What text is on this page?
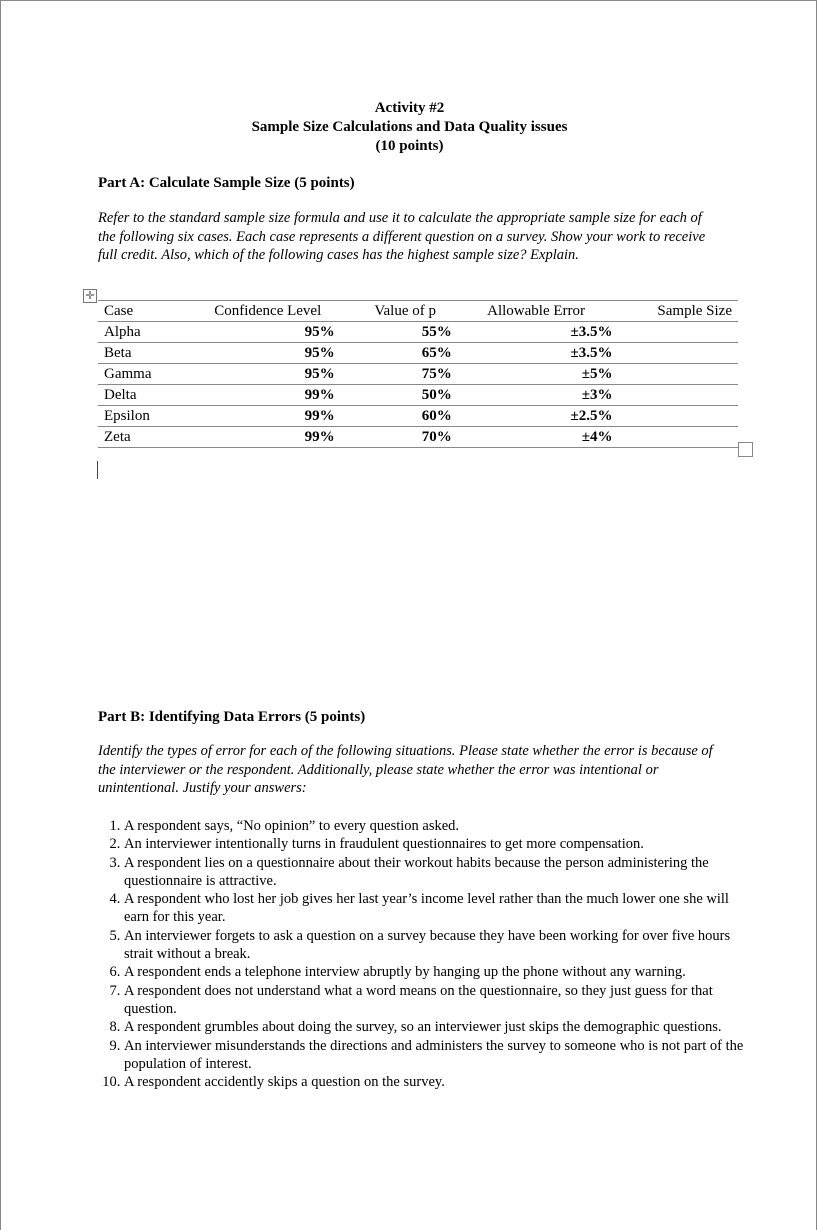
Activity #2
Sample Size Calculations and Data Quality issues
(10 points)
Part A: Calculate Sample Size (5 points)
Refer to the standard sample size formula and use it to calculate the appropriate sample size for each of the following six cases. Each case represents a different question on a survey. Show your work to receive full credit. Also, which of the following cases has the highest sample size? Explain.
✛
Case	Confidence Level	Value of p	Allowable Error	Sample Size
Alpha	95%	55%	±3.5%	
Beta	95%	65%	±3.5%	
Gamma	95%	75%	±5%	
Delta	99%	50%	±3%	
Epsilon	99%	60%	±2.5%	
Zeta	99%	70%	±4%	
Part B: Identifying Data Errors (5 points)
Identify the types of error for each of the following situations. Please state whether the error is because of the interviewer or the respondent. Additionally, please state whether the error was intentional or unintentional. Justify your answers:
1. A respondent says, “No opinion” to every question asked.
2. An interviewer intentionally turns in fraudulent questionnaires to get more compensation.
3. A respondent lies on a questionnaire about their workout habits because the person administering the questionnaire is attractive.
4. A respondent who lost her job gives her last year’s income level rather than the much lower one she will earn for this year.
5. An interviewer forgets to ask a question on a survey because they have been working for over five hours strait without a break.
6. A respondent ends a telephone interview abruptly by hanging up the phone without any warning.
7. A respondent does not understand what a word means on the questionnaire, so they just guess for that question.
8. A respondent grumbles about doing the survey, so an interviewer just skips the demographic questions.
9. An interviewer misunderstands the directions and administers the survey to someone who is not part of the population of interest.
10. A respondent accidently skips a question on the survey.
